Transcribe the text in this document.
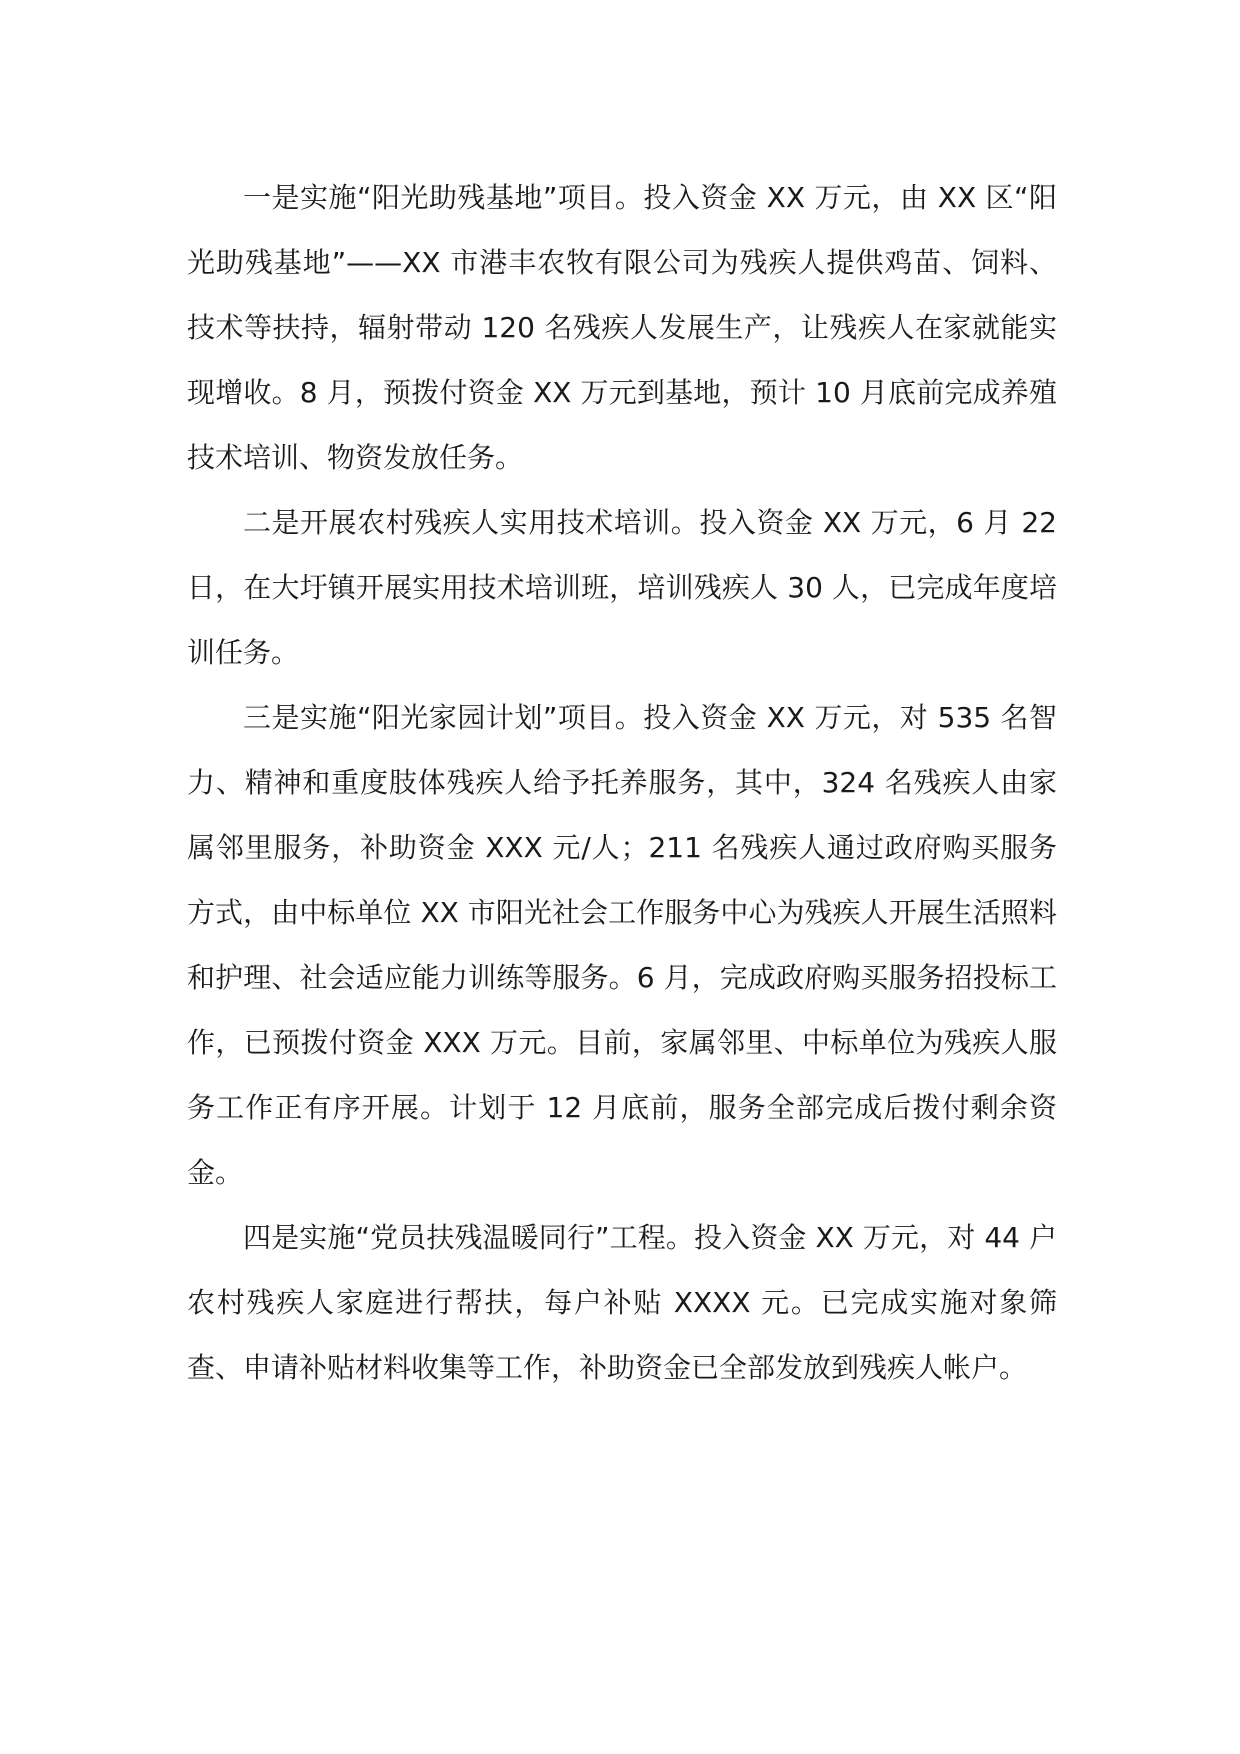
一是实施“阳光助残基地”项目。投入资金 XX 万元，由 XX 区“阳光助残基地”——XX 市港丰农牧有限公司为残疾人提供鸡苗、饲料、技术等扶持，辐射带动 120 名残疾人发展生产，让残疾人在家就能实现增收。8 月，预拨付资金 XX 万元到基地，预计 10 月底前完成养殖技术培训、物资发放任务。

二是开展农村残疾人实用技术培训。投入资金 XX 万元，6 月 22 日，在大圩镇开展实用技术培训班，培训残疾人 30 人，已完成年度培训任务。

三是实施“阳光家园计划”项目。投入资金 XX 万元，对 535 名智力、精神和重度肢体残疾人给予托养服务，其中，324 名残疾人由家属邻里服务，补助资金 XXX 元/人；211 名残疾人通过政府购买服务方式，由中标单位 XX 市阳光社会工作服务中心为残疾人开展生活照料和护理、社会适应能力训练等服务。6 月，完成政府购买服务招投标工作，已预拨付资金 XXX 万元。目前，家属邻里、中标单位为残疾人服务工作正有序开展。计划于 12 月底前，服务全部完成后拨付剩余资金。

四是实施“党员扶残温暖同行”工程。投入资金 XX 万元，对 44 户农村残疾人家庭进行帮扶，每户补贴 XXXX 元。已完成实施对象筛查、申请补贴材料收集等工作，补助资金已全部发放到残疾人帐户。
